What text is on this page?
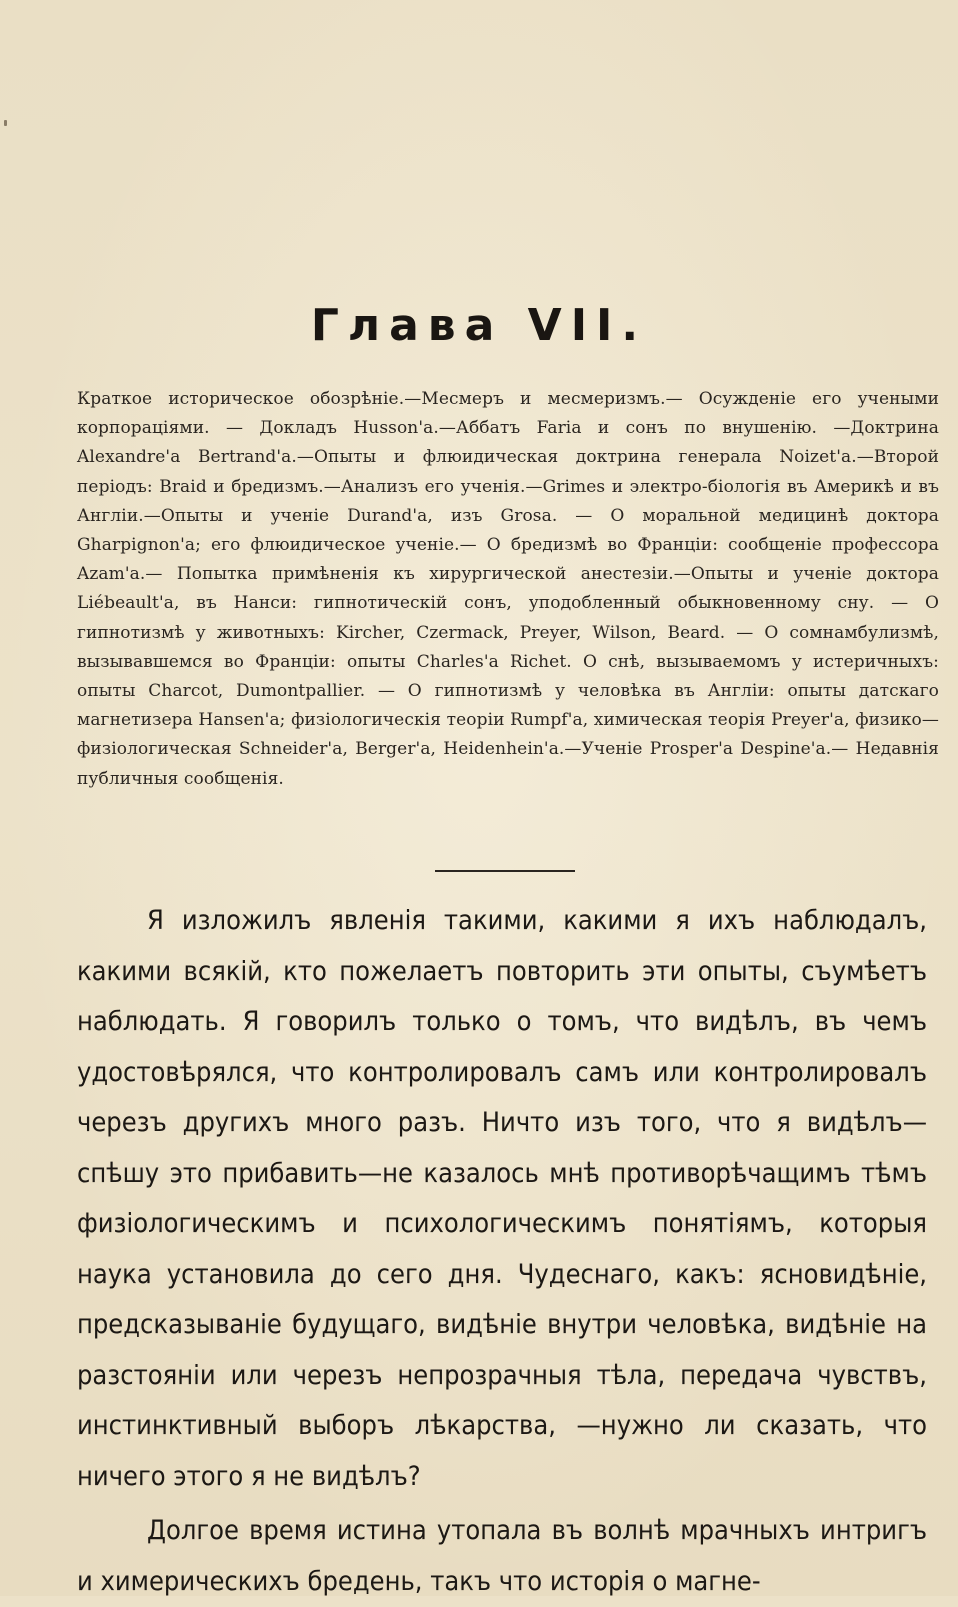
Глава VII.

Краткое историческое обозрѣніе.—Месмеръ и месмеризмъ.— Осужденіе его учеными корпораціями. — Докладъ Husson'а.—Аббатъ Faria и сонъ по внушенію. —Доктрина Alexandre'а Bertrand'а.—Опыты и флюидическая доктрина генерала Noizet'а.—Второй періодъ: Braid и бредизмъ.—Анализъ его ученія.—Grimes и электро-біологія въ Америкѣ и въ Англіи.—Опыты и ученіе Durand'а, изъ Grosa. — О моральной медицинѣ доктора Gharpignon'а; его флюидическое ученіе.— О бредизмѣ во Франціи: сообщеніе профессора Azam'а.— Попытка примѣненія къ хирургической анестезіи.—Опыты и ученіе доктора Liébeault'а, въ Нанси: гипнотическій сонъ, уподобленный обыкновенному сну. — О гипнотизмѣ у животныхъ: Kircher, Czermack, Preyer, Wilson, Beard. — О сомнамбулизмѣ, вызывавшемся во Франціи: опыты Charles'а Richet. О снѣ, вызываемомъ у истеричныхъ: опыты Charcot, Dumontpallier. — О гипнотизмѣ у человѣка въ Англіи: опыты датскаго магнетизера Hansen'а; физіологическія теоріи Rumpf'а, химическая теорія Preyer'а, физико—физіологическая Schneider'а, Berger'а, Heidenhein'а.—Ученіе Prosper'а Despine'а.— Недавнія публичныя сообщенія.

Я изложилъ явленія такими, какими я ихъ наблюдалъ, какими всякій, кто пожелаетъ повторить эти опыты, съумѣетъ наблюдать. Я говорилъ только о томъ, что видѣлъ, въ чемъ удостовѣрялся, что контролировалъ самъ или контролировалъ черезъ другихъ много разъ. Ничто изъ того, что я видѣлъ—спѣшу это прибавить—не казалось мнѣ противорѣчащимъ тѣмъ физіологическимъ и психологическимъ понятіямъ, которыя наука установила до сего дня. Чудеснаго, какъ: ясновидѣніе, предсказываніе будущаго, видѣніе внутри человѣка, видѣніе на разстояніи или черезъ непрозрачныя тѣла, передача чувствъ, инстинктивный выборъ лѣкарства, —нужно ли сказать, что ничего этого я не видѣлъ?

Долгое время истина утопала въ волнѣ мрачныхъ интригъ и химерическихъ бредень, такъ что исторія о магне-
